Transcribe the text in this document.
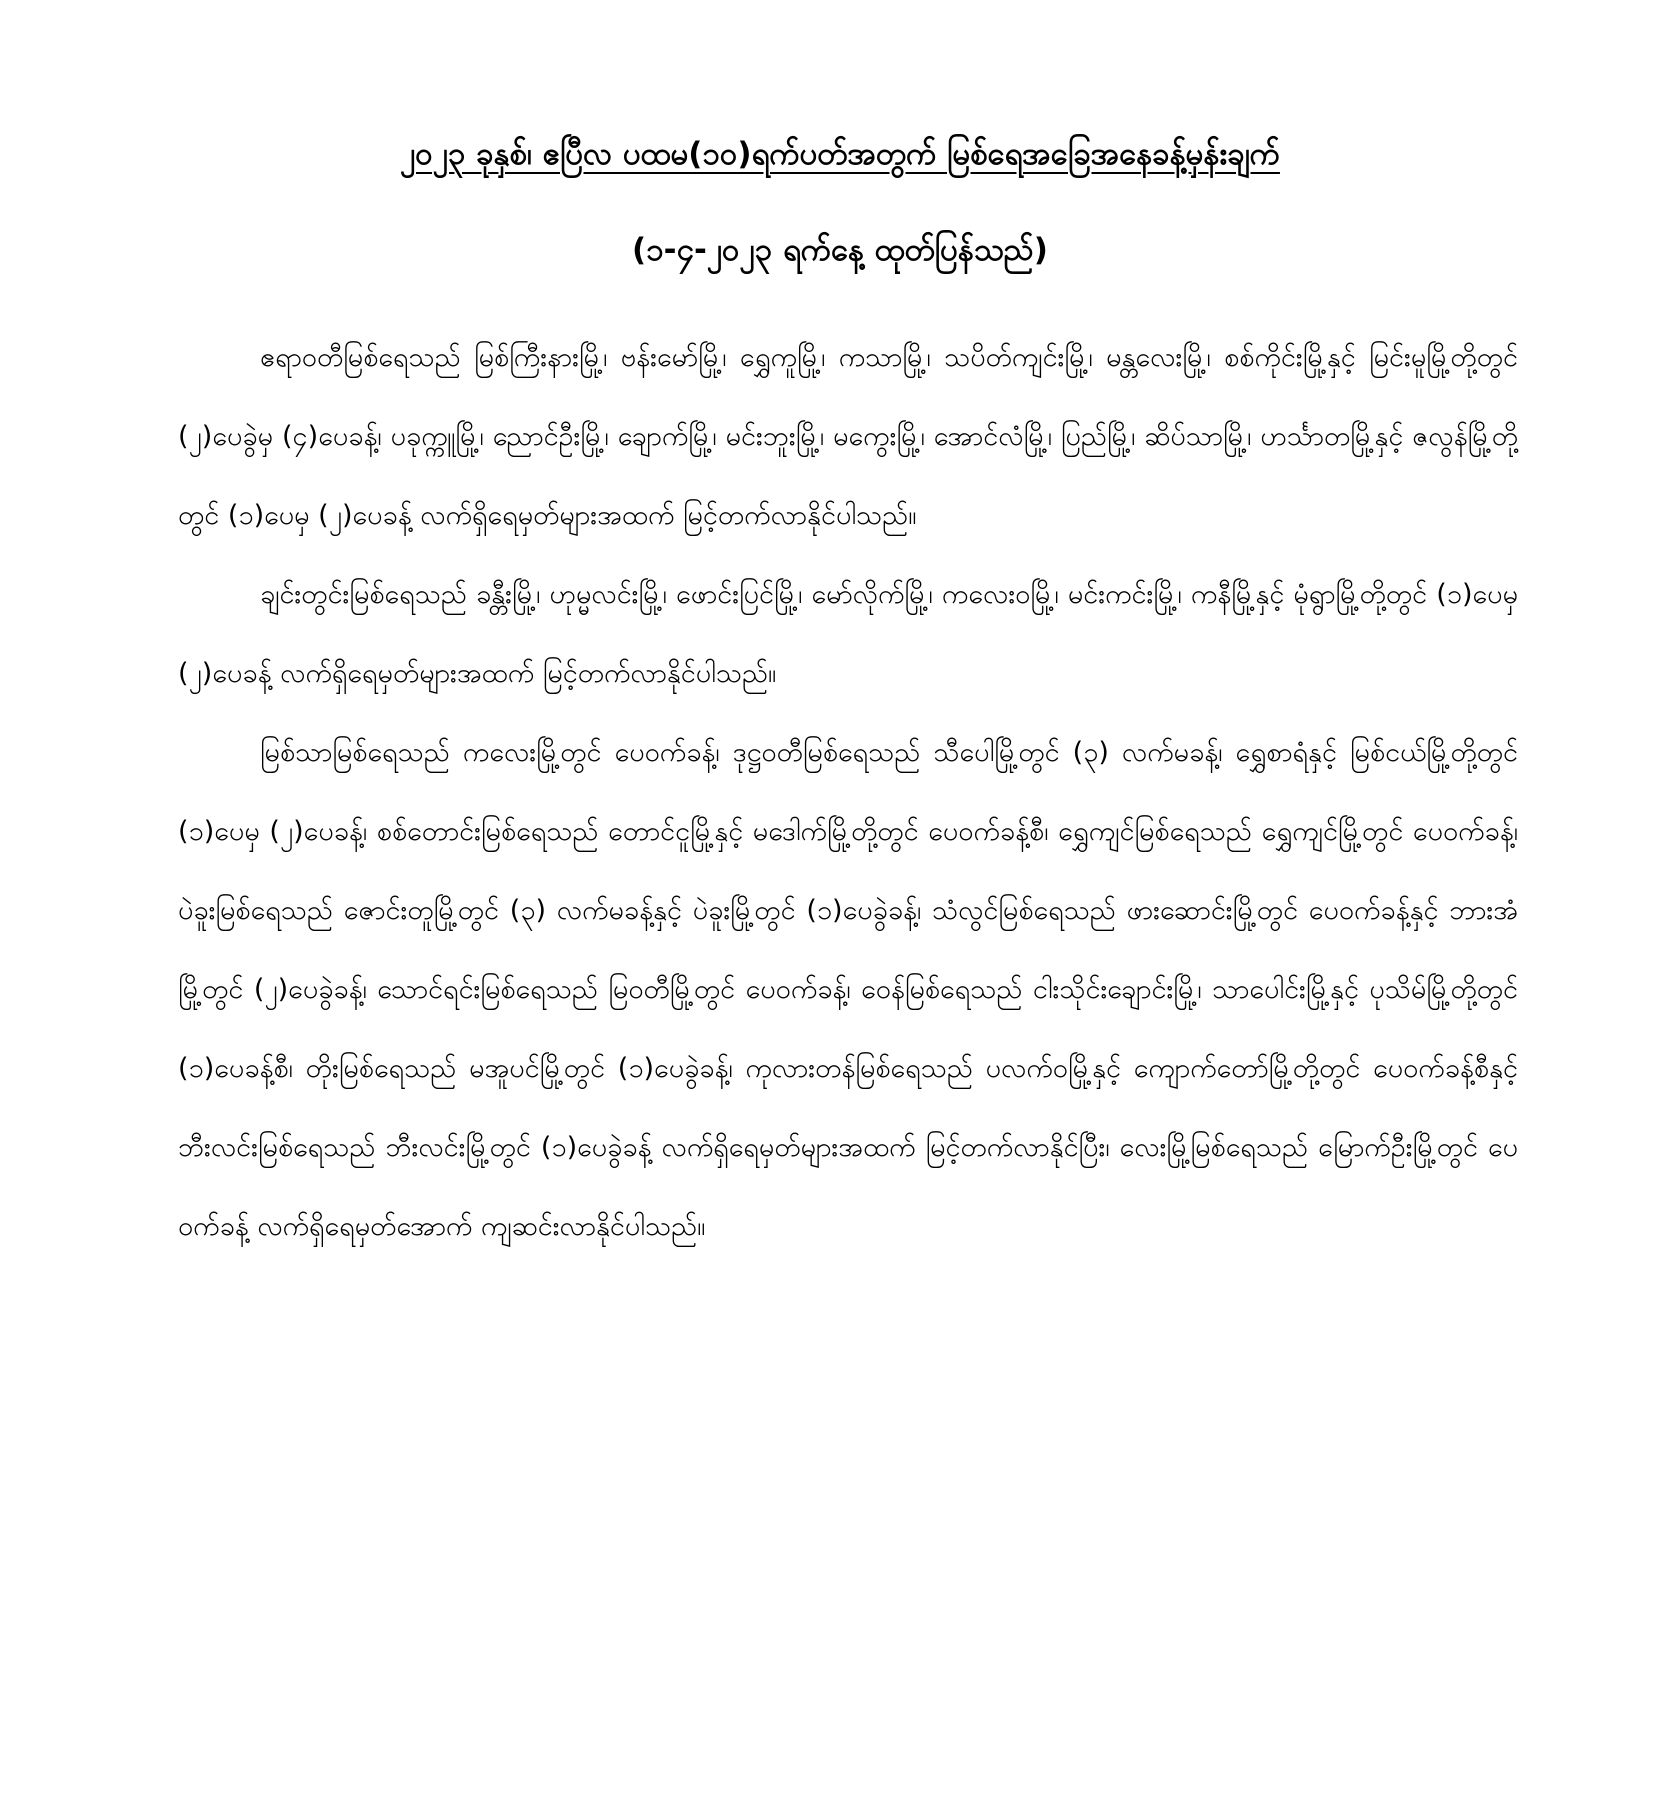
၂၀၂၃ ခုနှစ်၊ ဧပြီလ ပထမ(၁၀)ရက်ပတ်အတွက် မြစ်ရေအခြေအနေခန့်မှန်းချက်
(၁-၄-၂၀၂၃ ရက်နေ့ ထုတ်ပြန်သည်)

ဧရာဝတီမြစ်ရေသည် မြစ်ကြီးနားမြို့၊ ဗန်းမော်မြို့၊ ရွှေကူမြို့၊ ကသာမြို့၊ သပိတ်ကျင်းမြို့၊ မန္တလေးမြို့၊ စစ်ကိုင်းမြို့နှင့် မြင်းမူမြို့တို့တွင် (၂)ပေခွဲမှ (၄)ပေခန့်၊ ပခုက္ကူမြို့၊ ညောင်ဦးမြို့၊ ချောက်မြို့၊ မင်းဘူးမြို့၊ မကွေးမြို့၊ အောင်လံမြို့၊ ပြည်မြို့၊ ဆိပ်သာမြို့၊ ဟင်္သာတမြို့နှင့် ဇလွန်မြို့တို့တွင် (၁)ပေမှ (၂)ပေခန့် လက်ရှိရေမှတ်များအထက် မြင့်တက်လာနိုင်ပါသည်။

ချင်းတွင်းမြစ်ရေသည် ခန္တီးမြို့၊ ဟုမ္မလင်းမြို့၊ ဖောင်းပြင်မြို့၊ မော်လိုက်မြို့၊ ကလေးဝမြို့၊ မင်းကင်းမြို့၊ ကနီမြို့နှင့် မုံရွာမြို့တို့တွင် (၁)ပေမှ (၂)ပေခန့် လက်ရှိရေမှတ်များအထက် မြင့်တက်လာနိုင်ပါသည်။

မြစ်သာမြစ်ရေသည် ကလေးမြို့တွင် ပေဝက်ခန့်၊ ဒုဋ္ဌဝတီမြစ်ရေသည် သီပေါမြို့တွင် (၃) လက်မခန့်၊ ရွှေစာရံနှင့် မြစ်ငယ်မြို့တို့တွင် (၁)ပေမှ (၂)ပေခန့်၊ စစ်တောင်းမြစ်ရေသည် တောင်ငူမြို့နှင့် မဒေါက်မြို့တို့တွင် ပေဝက်ခန့်စီ၊ ရွှေကျင်မြစ်ရေသည် ရွှေကျင်မြို့တွင် ပေဝက်ခန့်၊ ပဲခူးမြစ်ရေသည် ဇောင်းတူမြို့တွင် (၃) လက်မခန့်နှင့် ပဲခူးမြို့တွင် (၁)ပေခွဲခန့်၊ သံလွင်မြစ်ရေသည် ဖားဆောင်းမြို့တွင် ပေဝက်ခန့်နှင့် ဘားအံမြို့တွင် (၂)ပေခွဲခန့်၊ သောင်ရင်းမြစ်ရေသည် မြဝတီမြို့တွင် ပေဝက်ခန့်၊ ဝေန်မြစ်ရေသည် ငါးသိုင်းချောင်းမြို့၊ သာပေါင်းမြို့နှင့် ပုသိမ်မြို့တို့တွင် (၁)ပေခန့်စီ၊ တိုးမြစ်ရေသည် မအူပင်မြို့တွင် (၁)ပေခွဲခန့်၊ ကုလားတန်မြစ်ရေသည် ပလက်ဝမြို့နှင့် ကျောက်တော်မြို့တို့တွင် ပေဝက်ခန့်စီနှင့် ဘီးလင်းမြစ်ရေသည် ဘီးလင်းမြို့တွင် (၁)ပေခွဲခန့် လက်ရှိရေမှတ်များအထက် မြင့်တက်လာနိုင်ပြီး၊ လေးမြို့မြစ်ရေသည် မြောက်ဦးမြို့တွင် ပေဝက်ခန့် လက်ရှိရေမှတ်အောက် ကျဆင်းလာနိုင်ပါသည်။
